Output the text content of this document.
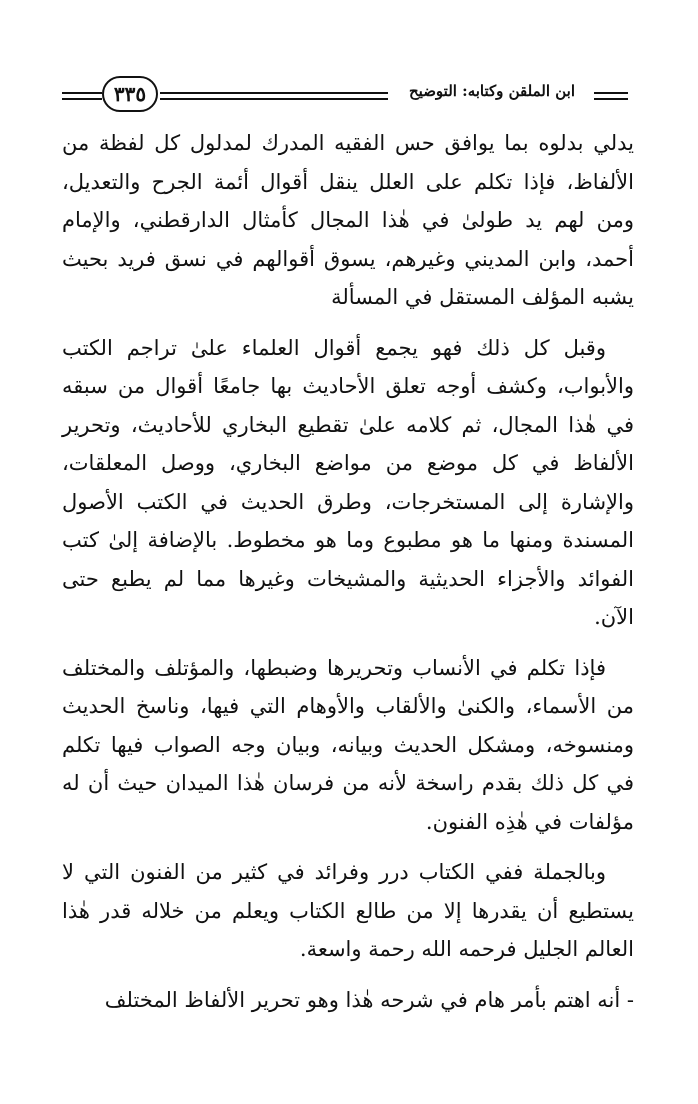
٣٣٥	ابن الملقن وكتابه: التوضيح

يدلي بدلوه بما يوافق حس الفقيه المدرك لمدلول كل لفظة من الألفاظ، فإذا تكلم على العلل ينقل أقوال أئمة الجرح والتعديل، ومن لهم يد طولىٰ في هٰذا المجال كأمثال الدارقطني، والإمام أحمد، وابن المديني وغيرهم، يسوق أقوالهم في نسق فريد بحيث يشبه المؤلف المستقل في المسألة

وقبل كل ذلك فهو يجمع أقوال العلماء علىٰ تراجم الكتب والأبواب، وكشف أوجه تعلق الأحاديث بها جامعًا أقوال من سبقه في هٰذا المجال، ثم كلامه علىٰ تقطيع البخاري للأحاديث، وتحرير الألفاظ في كل موضع من مواضع البخاري، ووصل المعلقات، والإشارة إلى المستخرجات، وطرق الحديث في الكتب الأصول المسندة ومنها ما هو مطبوع وما هو مخطوط. بالإضافة إلىٰ كتب الفوائد والأجزاء الحديثية والمشيخات وغيرها مما لم يطبع حتى الآن.

فإذا تكلم في الأنساب وتحريرها وضبطها، والمؤتلف والمختلف من الأسماء، والكنىٰ والألقاب والأوهام التي فيها، وناسخ الحديث ومنسوخه، ومشكل الحديث وبيانه، وبيان وجه الصواب فيها تكلم في كل ذلك بقدم راسخة لأنه من فرسان هٰذا الميدان حيث أن له مؤلفات في هٰذِه الفنون.

وبالجملة ففي الكتاب درر وفرائد في كثير من الفنون التي لا يستطيع أن يقدرها إلا من طالع الكتاب ويعلم من خلاله قدر هٰذا العالم الجليل فرحمه الله رحمة واسعة.

- أنه اهتم بأمر هام في شرحه هٰذا وهو تحرير الألفاظ المختلف
